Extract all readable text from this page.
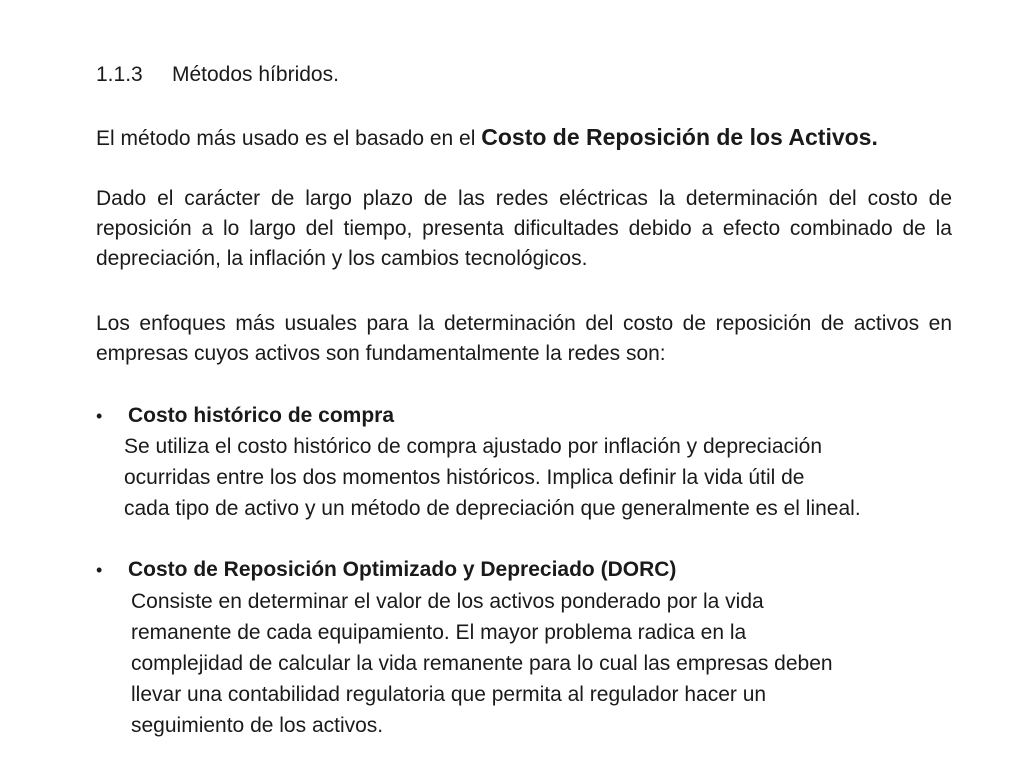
1.1.3 Métodos híbridos.

El método más usado es el basado en el Costo de Reposición de los Activos.

Dado el carácter de largo plazo de las redes eléctricas la determinación del costo de reposición a lo largo del tiempo, presenta dificultades debido a efecto combinado de la depreciación, la inflación y los cambios tecnológicos.

Los enfoques más usuales para la determinación del costo de reposición de activos en empresas cuyos activos son fundamentalmente la redes son:

• Costo histórico de compra

Se utiliza el costo histórico de compra ajustado por inflación y depreciación
ocurridas entre los dos momentos históricos. Implica definir la vida útil de
cada tipo de activo y un método de depreciación que generalmente es el lineal.

• Costo de Reposición Optimizado y Depreciado (DORC)

Consiste en determinar el valor de los activos ponderado por la vida
remanente de cada equipamiento. El mayor problema radica en la
complejidad de calcular la vida remanente para lo cual las empresas deben
llevar una contabilidad regulatoria que permita al regulador hacer un
seguimiento de los activos.
